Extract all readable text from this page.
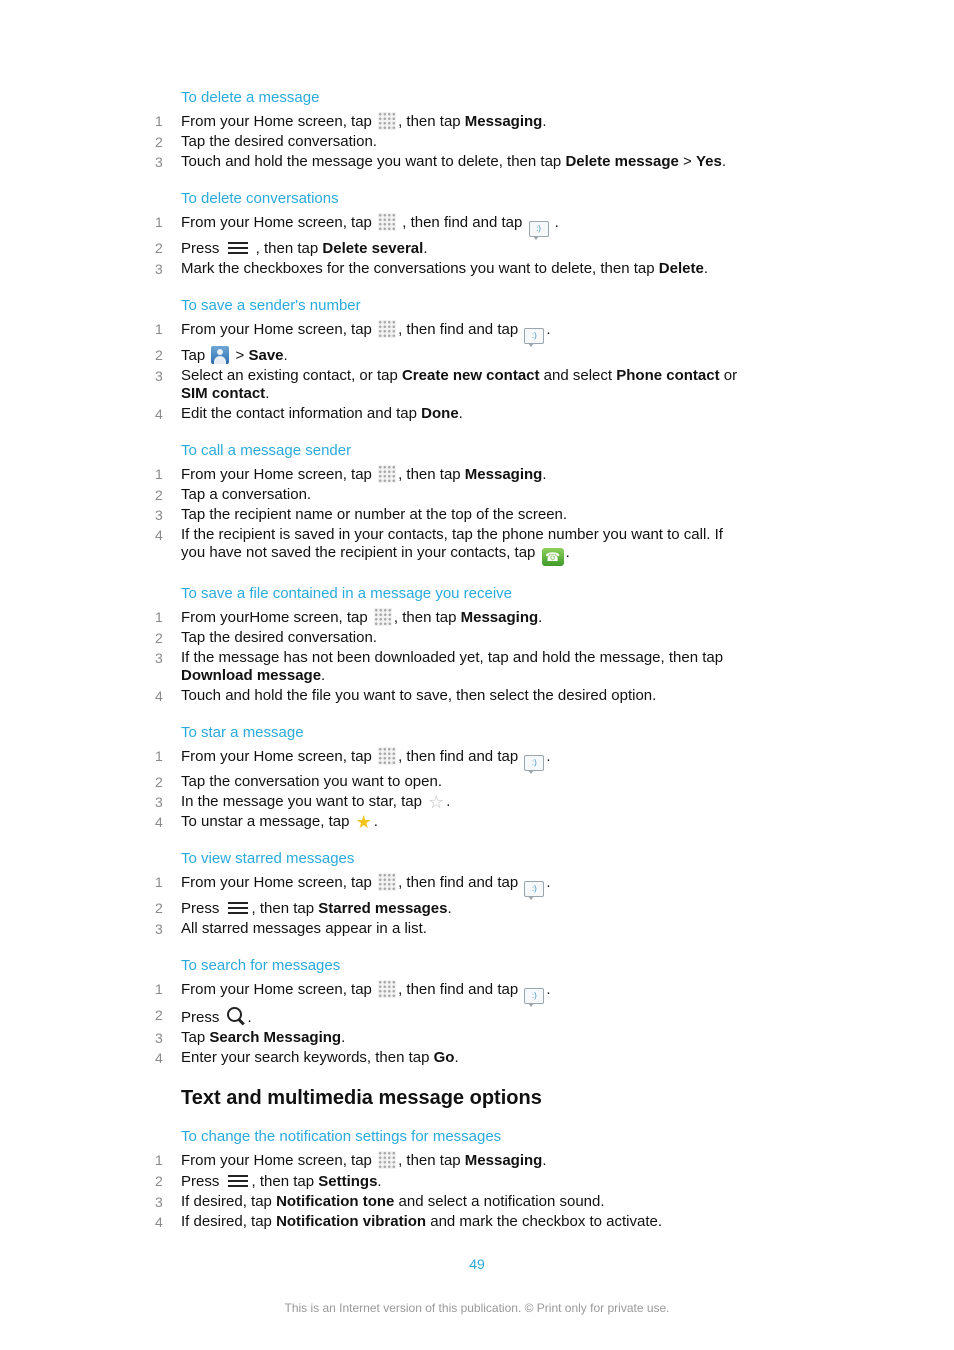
To delete a message
1 From your Home screen, tap , then tap Messaging.
2 Tap the desired conversation.
3 Touch and hold the message you want to delete, then tap Delete message > Yes.
To delete conversations
1 From your Home screen, tap  , then find and tap :) .
2 Press
, then tap Delete several.
3 Mark the checkboxes for the conversations you want to delete, then tap Delete.
To save a sender's number
1 From your Home screen, tap , then find and tap :) .
2 Tap  > Save.
3 Select an existing contact, or tap Create new contact and select Phone contact or SIM contact.
4 Edit the contact information and tap Done.
To call a message sender
1 From your Home screen, tap , then tap Messaging.
2 Tap a conversation.
3 Tap the recipient name or number at the top of the screen.
4 If the recipient is saved in your contacts, tap the phone number you want to call. If you have not saved the recipient in your contacts, tap ☎ .
To save a file contained in a message you receive
1 From yourHome screen, tap , then tap Messaging.
2 Tap the desired conversation.
3 If the message has not been downloaded yet, tap and hold the message, then tap Download message.
4 Touch and hold the file you want to save, then select the desired option.
To star a message
1 From your Home screen, tap , then find and tap :) .
2 Tap the conversation you want to open.
3 In the message you want to star, tap ☆ .
4 To unstar a message, tap ★ .
To view starred messages
1 From your Home screen, tap , then find and tap :) .
2 Press
, then tap Starred messages.
3 All starred messages appear in a list.
To search for messages
1 From your Home screen, tap , then find and tap :) .
2 Press .
3 Tap Search Messaging.
4 Enter your search keywords, then tap Go.
Text and multimedia message options
To change the notification settings for messages
1 From your Home screen, tap , then tap Messaging.
2 Press
, then tap Settings.
3 If desired, tap Notification tone and select a notification sound.
4 If desired, tap Notification vibration and mark the checkbox to activate.
49
This is an Internet version of this publication. © Print only for private use.
